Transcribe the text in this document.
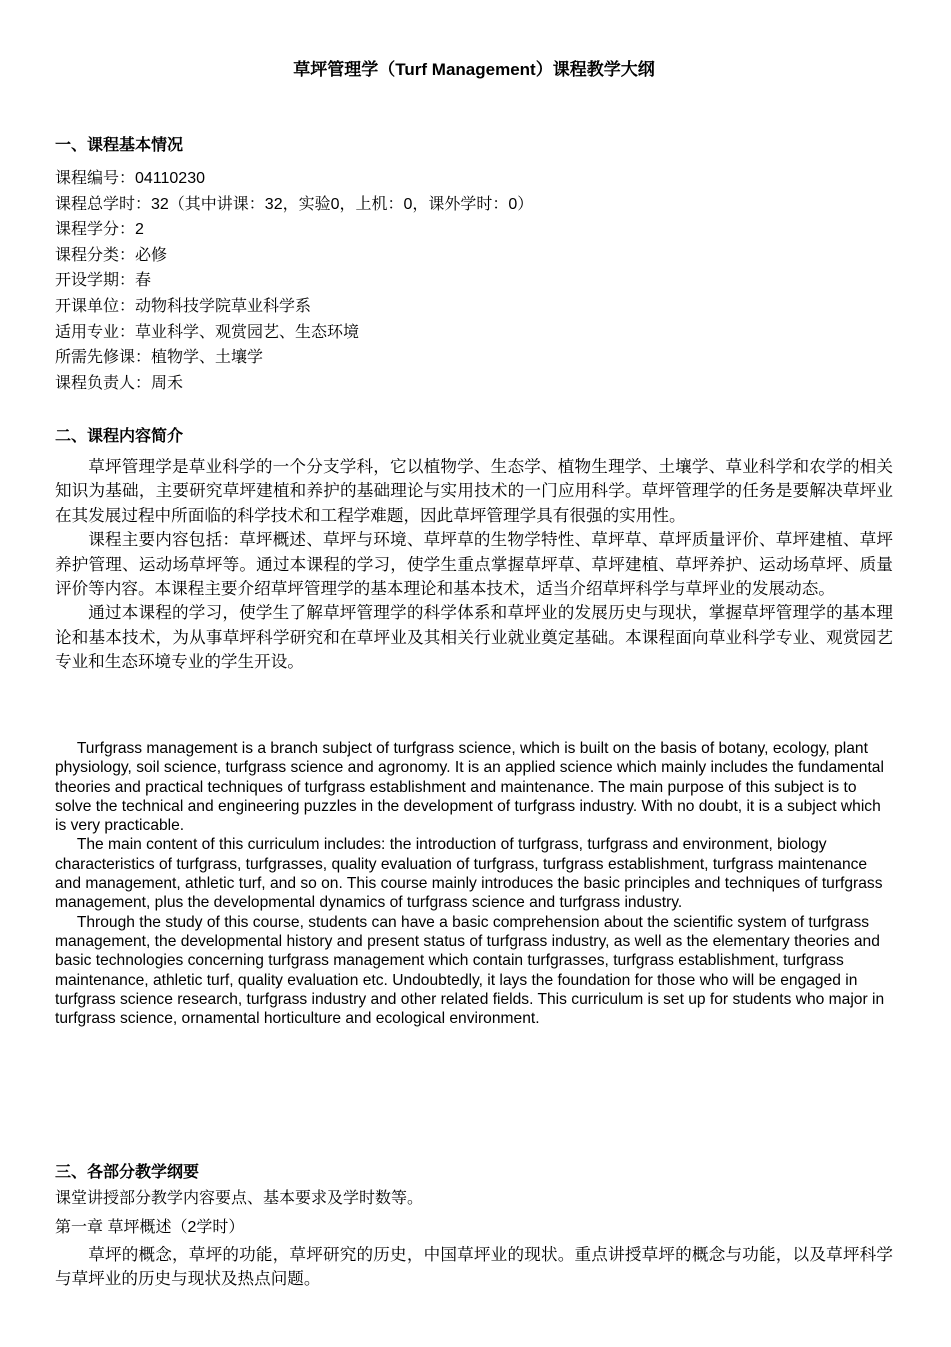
草坪管理学（Turf Management）课程教学大纲
一、课程基本情况
课程编号：04110230
课程总学时：32（其中讲课：32，实验0，上机：0，课外学时：0）
课程学分：2
课程分类：必修
开设学期：春
开课单位：动物科技学院草业科学系
适用专业：草业科学、观赏园艺、生态环境
所需先修课：植物学、土壤学
课程负责人：周禾
二、课程内容简介

草坪管理学是草业科学的一个分支学科，它以植物学、生态学、植物生理学、土壤学、草业科学和农学的相关知识为基础，主要研究草坪建植和养护的基础理论与实用技术的一门应用科学。草坪管理学的任务是要解决草坪业在其发展过程中所面临的科学技术和工程学难题，因此草坪管理学具有很强的实用性。

课程主要内容包括：草坪概述、草坪与环境、草坪草的生物学特性、草坪草、草坪质量评价、草坪建植、草坪养护管理、运动场草坪等。通过本课程的学习，使学生重点掌握草坪草、草坪建植、草坪养护、运动场草坪、质量评价等内容。本课程主要介绍草坪管理学的基本理论和基本技术，适当介绍草坪科学与草坪业的发展动态。

通过本课程的学习，使学生了解草坪管理学的科学体系和草坪业的发展历史与现状，掌握草坪管理学的基本理论和基本技术，为从事草坪科学研究和在草坪业及其相关行业就业奠定基础。本课程面向草业科学专业、观赏园艺专业和生态环境专业的学生开设。

Turfgrass management is a branch subject of turfgrass science, which is built on the basis of botany, ecology, plant physiology, soil science, turfgrass science and agronomy. It is an applied science which mainly includes the fundamental theories and practical techniques of turfgrass establishment and maintenance. The main purpose of this subject is to solve the technical and engineering puzzles in the development of turfgrass industry. With no doubt, it is a subject which is very practicable.

The main content of this curriculum includes: the introduction of turfgrass, turfgrass and environment, biology characteristics of turfgrass, turfgrasses, quality evaluation of turfgrass, turfgrass establishment, turfgrass maintenance and management, athletic turf, and so on. This course mainly introduces the basic principles and techniques of turfgrass management, plus the developmental dynamics of turfgrass science and turfgrass industry.

Through the study of this course, students can have a basic comprehension about the scientific system of turfgrass management, the developmental history and present status of turfgrass industry, as well as the elementary theories and basic technologies concerning turfgrass management which contain turfgrasses, turfgrass establishment, turfgrass maintenance, athletic turf, quality evaluation etc. Undoubtedly, it lays the foundation for those who will be engaged in turfgrass science research, turfgrass industry and other related fields. This curriculum is set up for students who major in turfgrass science, ornamental horticulture and ecological environment.

三、各部分教学纲要
课堂讲授部分教学内容要点、基本要求及学时数等。
第一章 草坪概述（2学时）

草坪的概念，草坪的功能，草坪研究的历史，中国草坪业的现状。重点讲授草坪的概念与功能，以及草坪科学与草坪业的历史与现状及热点问题。
